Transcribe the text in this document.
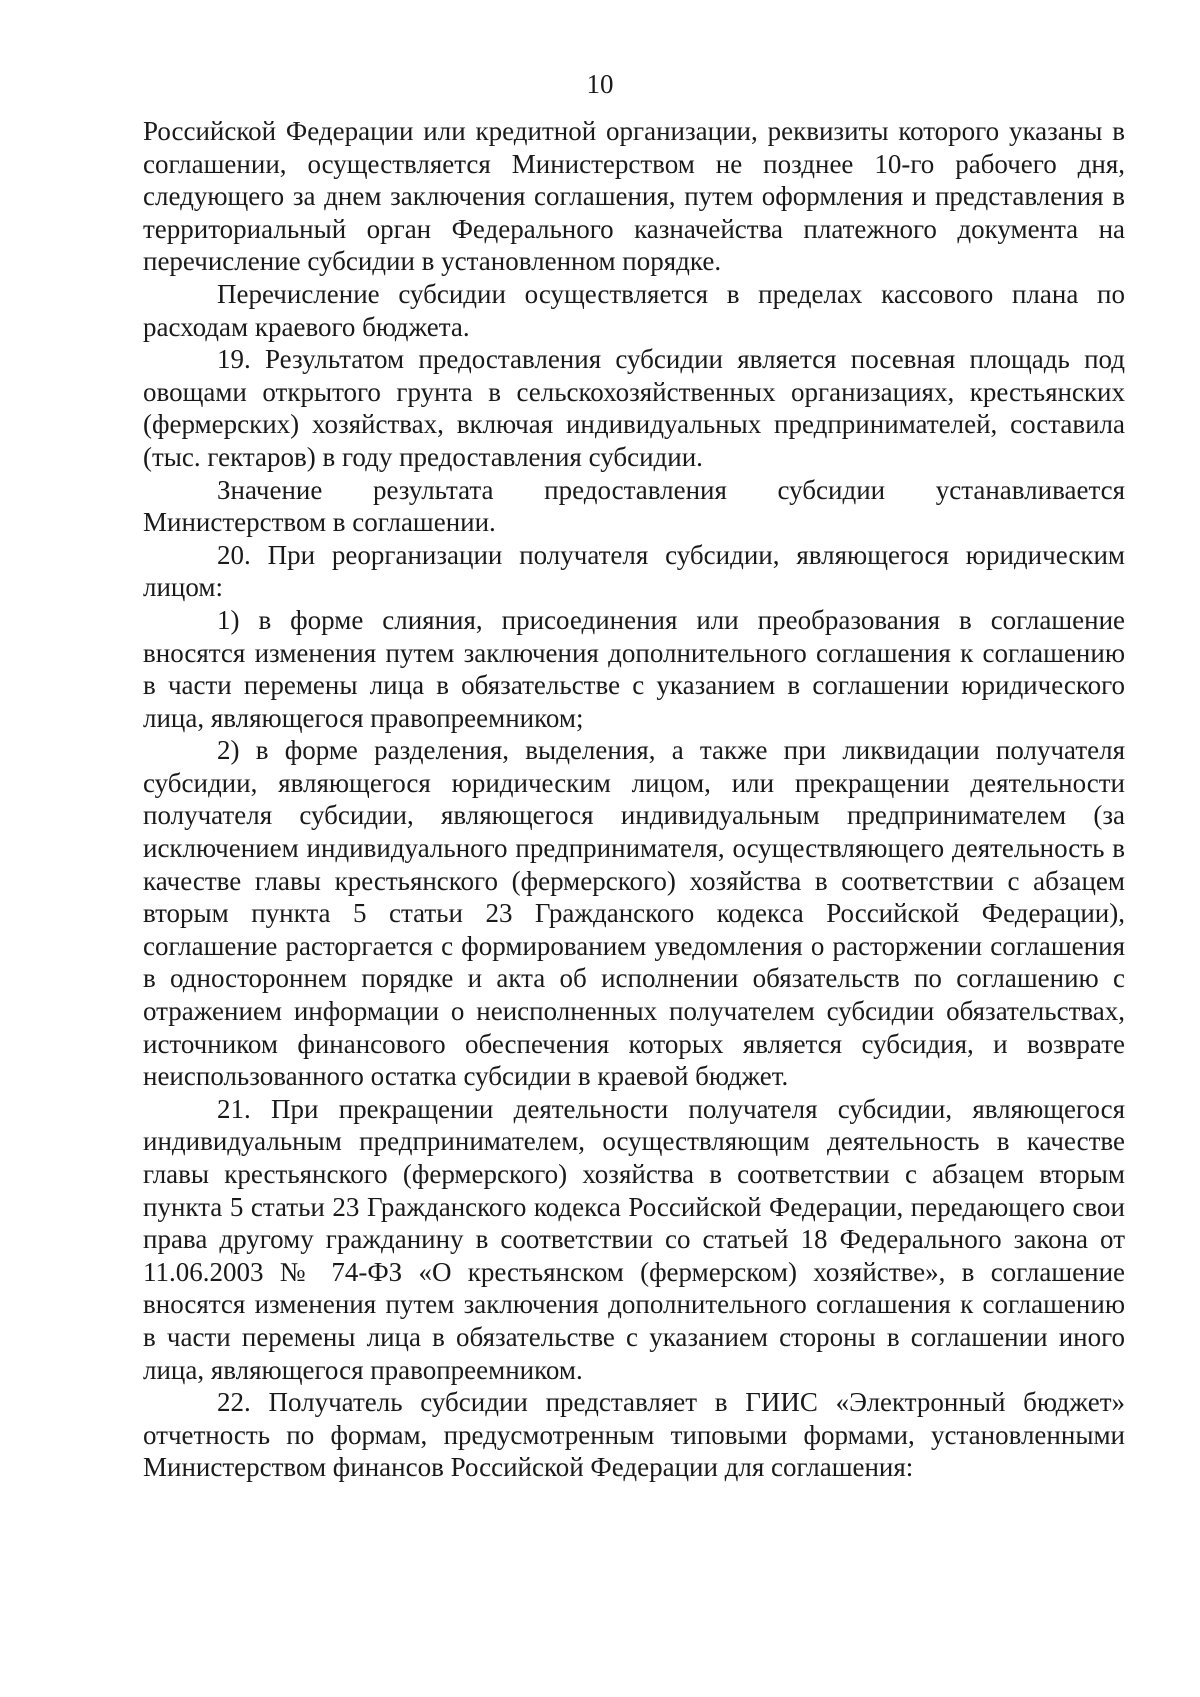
10

Российской Федерации или кредитной организации, реквизиты которого указаны в соглашении, осуществляется Министерством не позднее 10-го рабочего дня, следующего за днем заключения соглашения, путем оформления и представления в территориальный орган Федерального казначейства платежного документа на перечисление субсидии в установленном порядке.

Перечисление субсидии осуществляется в пределах кассового плана по расходам краевого бюджета.

19. Результатом предоставления субсидии является посевная площадь под овощами открытого грунта в сельскохозяйственных организациях, крестьянских (фермерских) хозяйствах, включая индивидуальных предпринимателей, составила (тыс. гектаров) в году предоставления субсидии.

Значение результата предоставления субсидии устанавливается Министерством в соглашении.

20. При реорганизации получателя субсидии, являющегося юридическим лицом:

1) в форме слияния, присоединения или преобразования в соглашение вносятся изменения путем заключения дополнительного соглашения к соглашению в части перемены лица в обязательстве с указанием в соглашении юридического лица, являющегося правопреемником;

2) в форме разделения, выделения, а также при ликвидации получателя субсидии, являющегося юридическим лицом, или прекращении деятельности получателя субсидии, являющегося индивидуальным предпринимателем (за исключением индивидуального предпринимателя, осуществляющего деятельность в качестве главы крестьянского (фермерского) хозяйства в соответствии с абзацем вторым пункта 5 статьи 23 Гражданского кодекса Российской Федерации), соглашение расторгается с формированием уведомления о расторжении соглашения в одностороннем порядке и акта об исполнении обязательств по соглашению с отражением информации о неисполненных получателем субсидии обязательствах, источником финансового обеспечения которых является субсидия, и возврате неиспользованного остатка субсидии в краевой бюджет.

21. При прекращении деятельности получателя субсидии, являющегося индивидуальным предпринимателем, осуществляющим деятельность в качестве главы крестьянского (фермерского) хозяйства в соответствии с абзацем вторым пункта 5 статьи 23 Гражданского кодекса Российской Федерации, передающего свои права другому гражданину в соответствии со статьей 18 Федерального закона от 11.06.2003 № 74-ФЗ «О крестьянском (фермерском) хозяйстве», в соглашение вносятся изменения путем заключения дополнительного соглашения к соглашению в части перемены лица в обязательстве с указанием стороны в соглашении иного лица, являющегося правопреемником.

22. Получатель субсидии представляет в ГИИС «Электронный бюджет» отчетность по формам, предусмотренным типовыми формами, установленными Министерством финансов Российской Федерации для соглашения:
